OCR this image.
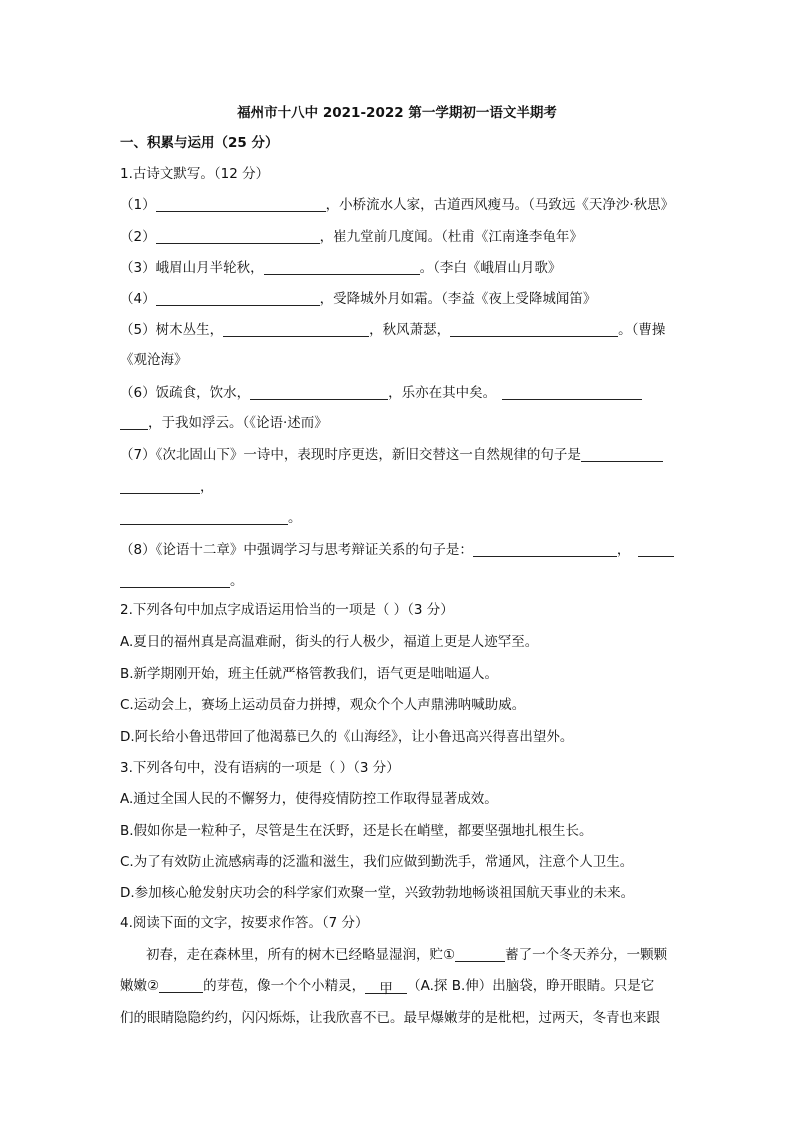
福州市十八中 2021-2022 第一学期初一语文半期考
一、积累与运用（25 分）
1.古诗文默写。（12 分）
（1）	，小桥流水人家，古道西风瘦马。（马致远《天净沙·秋思》
（2）	，崔九堂前几度闻。（杜甫《江南逢李龟年》
（3）峨眉山月半轮秋，	。（李白《峨眉山月歌》
（4）	，受降城外月如霜。（李益《夜上受降城闻笛》
（5）树木丛生，	，秋风萧瑟，	。（曹操
《观沧海》
（6）饭疏食，饮水，	，乐亦在其中矣。
，于我如浮云。（《论语·述而》
（7）《次北固山下》一诗中，表现时序更迭，新旧交替这一自然规律的句子是
，
。
（8）《论语十二章》中强调学习与思考辩证关系的句子是：	，
。
2.下列各句中加点字成语运用恰当的一项是（ ）（3 分）
A.夏日的福州真是高温难耐，街头的行人极少，福道上更是人迹罕至。
B.新学期刚开始，班主任就严格管教我们，语气更是咄咄逼人。
C.运动会上，赛场上运动员奋力拼搏，观众个个人声鼎沸呐喊助威。
D.阿长给小鲁迅带回了他渴慕已久的《山海经》，让小鲁迅高兴得喜出望外。
3.下列各句中，没有语病的一项是（ ）（3 分）
A.通过全国人民的不懈努力，使得疫情防控工作取得显著成效。
B.假如你是一粒种子，尽管是生在沃野，还是长在峭壁，都要坚强地扎根生长。
C.为了有效防止流感病毒的泛滥和滋生，我们应做到勤洗手，常通风，注意个人卫生。
D.参加核心舱发射庆功会的科学家们欢聚一堂，兴致勃勃地畅谈祖国航天事业的未来。
4.阅读下面的文字，按要求作答。（7 分）
初春，走在森林里，所有的树木已经略显湿润，贮①	蓄了一个冬天养分，一颗颗
嫩嫩②	的芽苞，像一个个小精灵， 甲 （A.探 B.伸）出脑袋，睁开眼睛。只是它
们的眼睛隐隐约约，闪闪烁烁，让我欣喜不已。最早爆嫩芽的是枇杷，过两天，冬青也来跟
